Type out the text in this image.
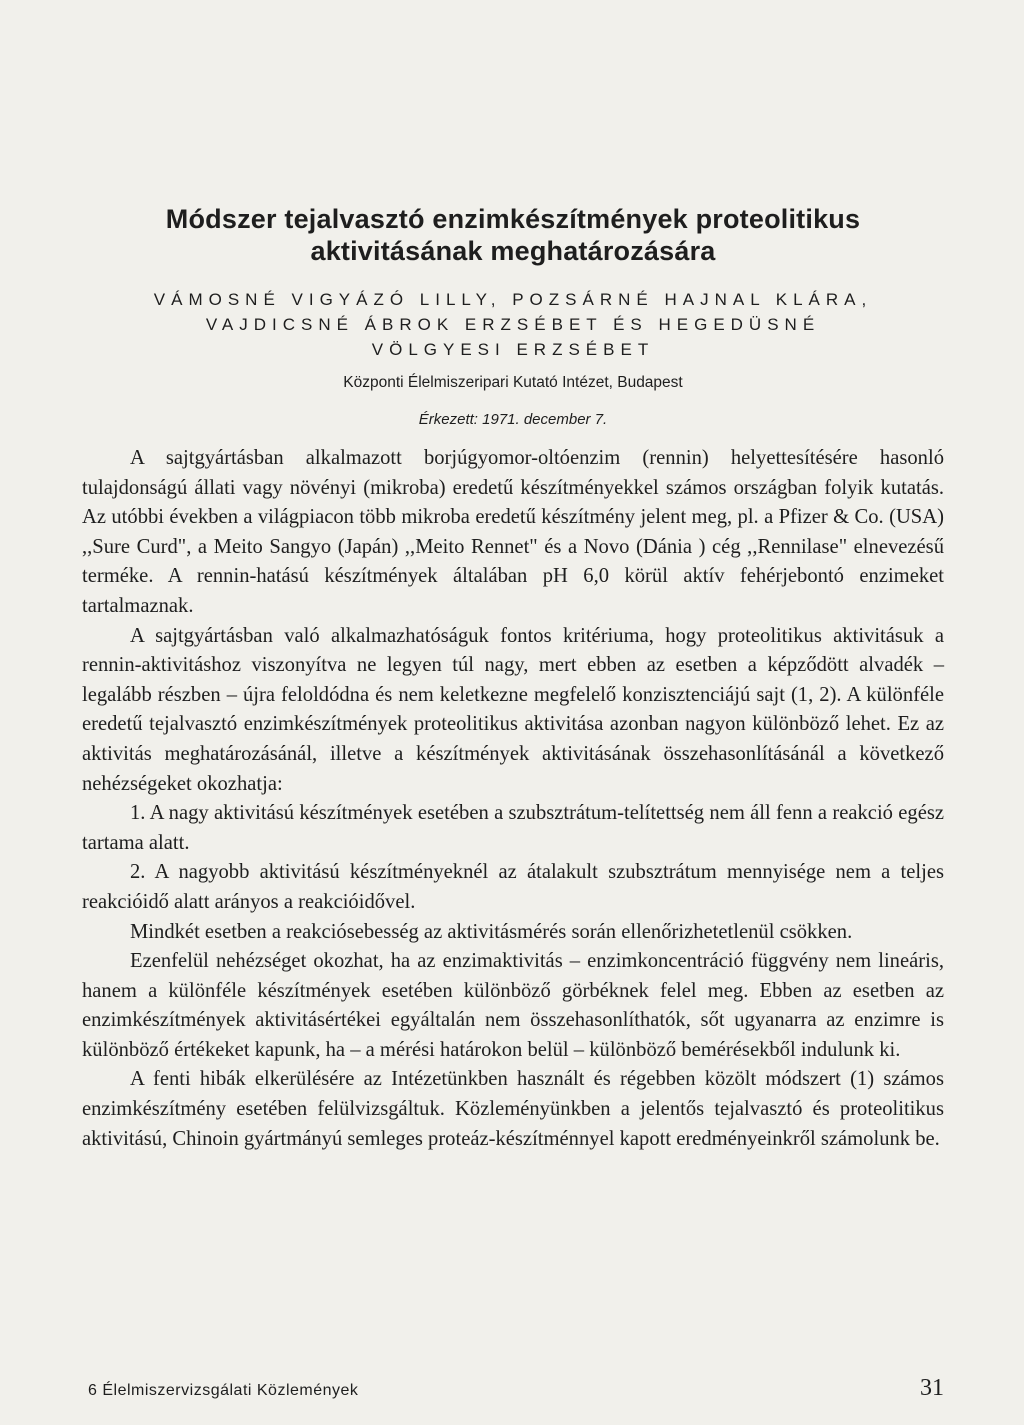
Módszer tejalvasztó enzimkészítmények proteolitikus aktivitásának meghatározására
VÁMOSNÉ VIGYÁZÓ LILLY, POZSÁRNÉ HAJNAL KLÁRA,
VAJDICSNÉ ÁBROK ERZSÉBET ÉS HEGEDÜSNÉ
VÖLGYESI ERZSÉBET
Központi Élelmiszeripari Kutató Intézet, Budapest
Érkezett: 1971. december 7.

A sajtgyártásban alkalmazott borjúgyomor-oltóenzim (rennin) helyettesítésére hasonló tulajdonságú állati vagy növényi (mikroba) eredetű készítményekkel számos országban folyik kutatás. Az utóbbi években a világpiacon több mikroba eredetű készítmény jelent meg, pl. a Pfizer & Co. (USA) ,,Sure Curd", a Meito Sangyo (Japán) ,,Meito Rennet" és a Novo (Dánia ) cég ,,Rennilase" elnevezésű terméke. A rennin-hatású készítmények általában pH 6,0 körül aktív fehérjebontó enzimeket tartalmaznak.

A sajtgyártásban való alkalmazhatóságuk fontos kritériuma, hogy proteolitikus aktivitásuk a rennin-aktivitáshoz viszonyítva ne legyen túl nagy, mert ebben az esetben a képződött alvadék – legalább részben – újra feloldódna és nem keletkezne megfelelő konzisztenciájú sajt (1, 2). A különféle eredetű tejalvasztó enzimkészítmények proteolitikus aktivitása azonban nagyon különböző lehet. Ez az aktivitás meghatározásánál, illetve a készítmények aktivitásának összehasonlításánál a következő nehézségeket okozhatja:

1. A nagy aktivitású készítmények esetében a szubsztrátum-telítettség nem áll fenn a reakció egész tartama alatt.

2. A nagyobb aktivitású készítményeknél az átalakult szubsztrátum mennyisége nem a teljes reakcióidő alatt arányos a reakcióidővel.

Mindkét esetben a reakciósebesség az aktivitásmérés során ellenőrizhetetlenül csökken.

Ezenfelül nehézséget okozhat, ha az enzimaktivitás – enzimkoncentráció függvény nem lineáris, hanem a különféle készítmények esetében különböző görbéknek felel meg. Ebben az esetben az enzimkészítmények aktivitásértékei egyáltalán nem összehasonlíthatók, sőt ugyanarra az enzimre is különböző értékeket kapunk, ha – a mérési határokon belül – különböző bemérésekből indulunk ki.

A fenti hibák elkerülésére az Intézetünkben használt és régebben közölt módszert (1) számos enzimkészítmény esetében felülvizsgáltuk. Közleményünkben a jelentős tejalvasztó és proteolitikus aktivitású, Chinoin gyártmányú semleges proteáz-készítménnyel kapott eredményeinkről számolunk be.

6 Élelmiszervizsgálati Közlemények	31
